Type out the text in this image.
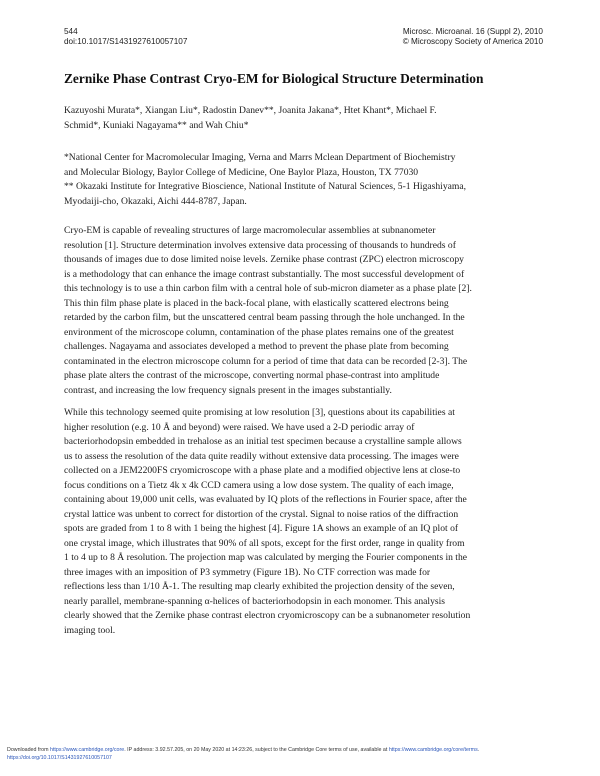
544
doi:10.1017/S1431927610057107
Microsc. Microanal. 16 (Suppl 2), 2010
© Microscopy Society of America 2010
Zernike Phase Contrast Cryo-EM for Biological Structure Determination
Kazuyoshi Murata*, Xiangan Liu*, Radostin Danev**, Joanita Jakana*, Htet Khant*, Michael F.
Schmid*, Kuniaki Nagayama** and Wah Chiu*
*National Center for Macromolecular Imaging, Verna and Marrs Mclean Department of Biochemistry
and Molecular Biology, Baylor College of Medicine, One Baylor Plaza, Houston, TX 77030
** Okazaki Institute for Integrative Bioscience, National Institute of Natural Sciences, 5-1 Higashiyama,
Myodaiji-cho, Okazaki, Aichi 444-8787, Japan.
Cryo-EM is capable of revealing structures of large macromolecular assemblies at subnanometer
resolution [1]. Structure determination involves extensive data processing of thousands to hundreds of
thousands of images due to dose limited noise levels. Zernike phase contrast (ZPC) electron microscopy
is a methodology that can enhance the image contrast substantially. The most successful development of
this technology is to use a thin carbon film with a central hole of sub-micron diameter as a phase plate [2].
This thin film phase plate is placed in the back-focal plane, with elastically scattered electrons being
retarded by the carbon film, but the unscattered central beam passing through the hole unchanged. In the
environment of the microscope column, contamination of the phase plates remains one of the greatest
challenges. Nagayama and associates developed a method to prevent the phase plate from becoming
contaminated in the electron microscope column for a period of time that data can be recorded [2-3]. The
phase plate alters the contrast of the microscope, converting normal phase-contrast into amplitude
contrast, and increasing the low frequency signals present in the images substantially.
While this technology seemed quite promising at low resolution [3], questions about its capabilities at
higher resolution (e.g. 10 Å and beyond) were raised. We have used a 2-D periodic array of
bacteriorhodopsin embedded in trehalose as an initial test specimen because a crystalline sample allows
us to assess the resolution of the data quite readily without extensive data processing. The images were
collected on a JEM2200FS cryomicroscope with a phase plate and a modified objective lens at close-to
focus conditions on a Tietz 4k x 4k CCD camera using a low dose system. The quality of each image,
containing about 19,000 unit cells, was evaluated by IQ plots of the reflections in Fourier space, after the
crystal lattice was unbent to correct for distortion of the crystal. Signal to noise ratios of the diffraction
spots are graded from 1 to 8 with 1 being the highest [4]. Figure 1A shows an example of an IQ plot of
one crystal image, which illustrates that 90% of all spots, except for the first order, range in quality from
1 to 4 up to 8 Å resolution. The projection map was calculated by merging the Fourier components in the
three images with an imposition of P3 symmetry (Figure 1B). No CTF correction was made for
reflections less than 1/10 Å-1. The resulting map clearly exhibited the projection density of the seven,
nearly parallel, membrane-spanning α-helices of bacteriorhodopsin in each monomer. This analysis
clearly showed that the Zernike phase contrast electron cryomicroscopy can be a subnanometer resolution
imaging tool.
Downloaded from https://www.cambridge.org/core. IP address: 3.92.57.205, on 20 May 2020 at 14:23:26, subject to the Cambridge Core terms of use, available at https://www.cambridge.org/core/terms.
https://doi.org/10.1017/S1431927610057107
